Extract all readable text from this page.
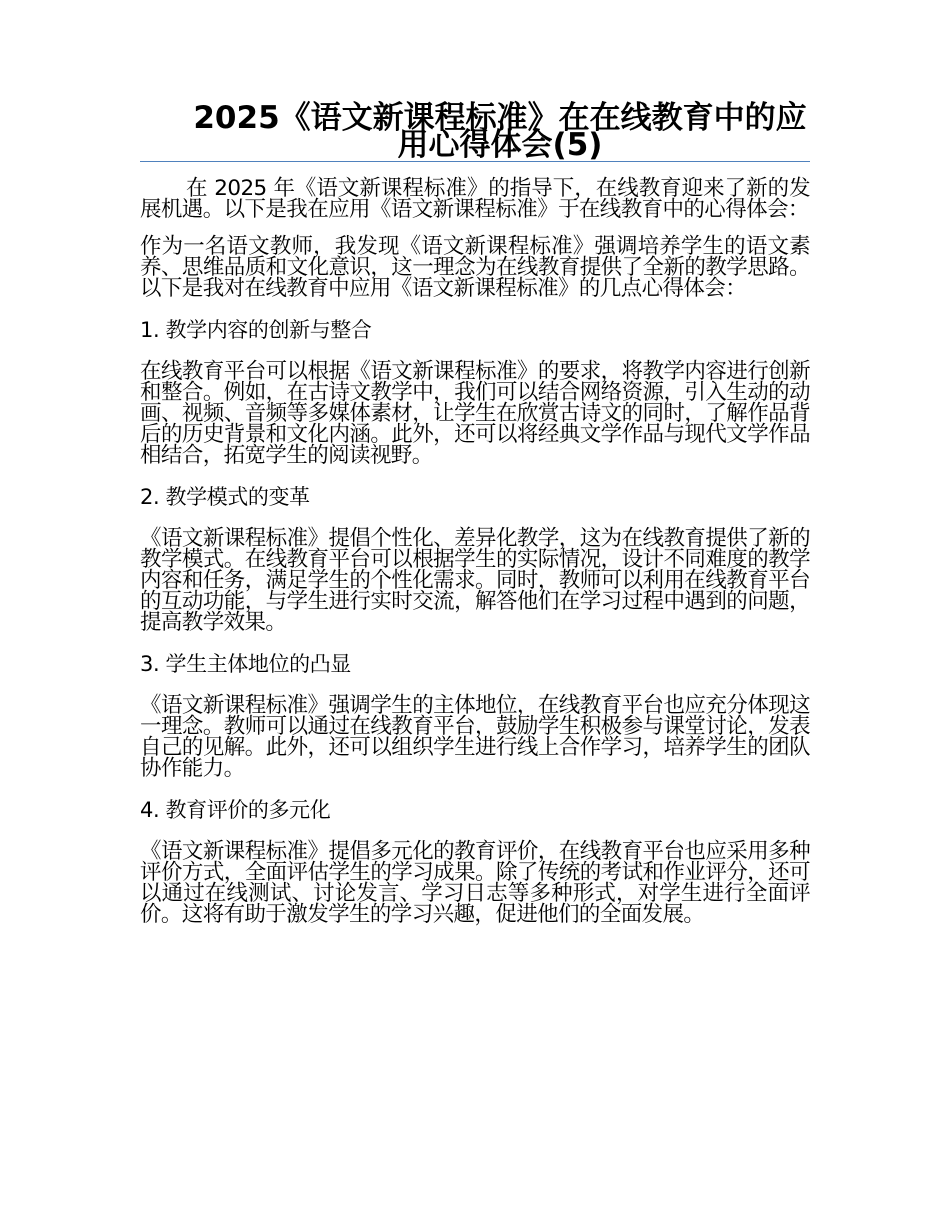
2025《语文新课程标准》在在线教育中的应用心得体会(5)

在 2025 年《语文新课程标准》的指导下，在线教育迎来了新的发展机遇。以下是我在应用《语文新课程标准》于在线教育中的心得体会：

作为一名语文教师，我发现《语文新课程标准》强调培养学生的语文素养、思维品质和文化意识，这一理念为在线教育提供了全新的教学思路。以下是我对在线教育中应用《语文新课程标准》的几点心得体会：

1. 教学内容的创新与整合

在线教育平台可以根据《语文新课程标准》的要求，将教学内容进行创新和整合。例如，在古诗文教学中，我们可以结合网络资源，引入生动的动画、视频、音频等多媒体素材，让学生在欣赏古诗文的同时，了解作品背后的历史背景和文化内涵。此外，还可以将经典文学作品与现代文学作品相结合，拓宽学生的阅读视野。

2. 教学模式的变革

《语文新课程标准》提倡个性化、差异化教学，这为在线教育提供了新的教学模式。在线教育平台可以根据学生的实际情况，设计不同难度的教学内容和任务，满足学生的个性化需求。同时，教师可以利用在线教育平台的互动功能，与学生进行实时交流，解答他们在学习过程中遇到的问题，提高教学效果。

3. 学生主体地位的凸显

《语文新课程标准》强调学生的主体地位，在线教育平台也应充分体现这一理念。教师可以通过在线教育平台，鼓励学生积极参与课堂讨论，发表自己的见解。此外，还可以组织学生进行线上合作学习，培养学生的团队协作能力。

4. 教育评价的多元化

《语文新课程标准》提倡多元化的教育评价，在线教育平台也应采用多种评价方式，全面评估学生的学习成果。除了传统的考试和作业评分，还可以通过在线测试、讨论发言、学习日志等多种形式，对学生进行全面评价。这将有助于激发学生的学习兴趣，促进他们的全面发展。
